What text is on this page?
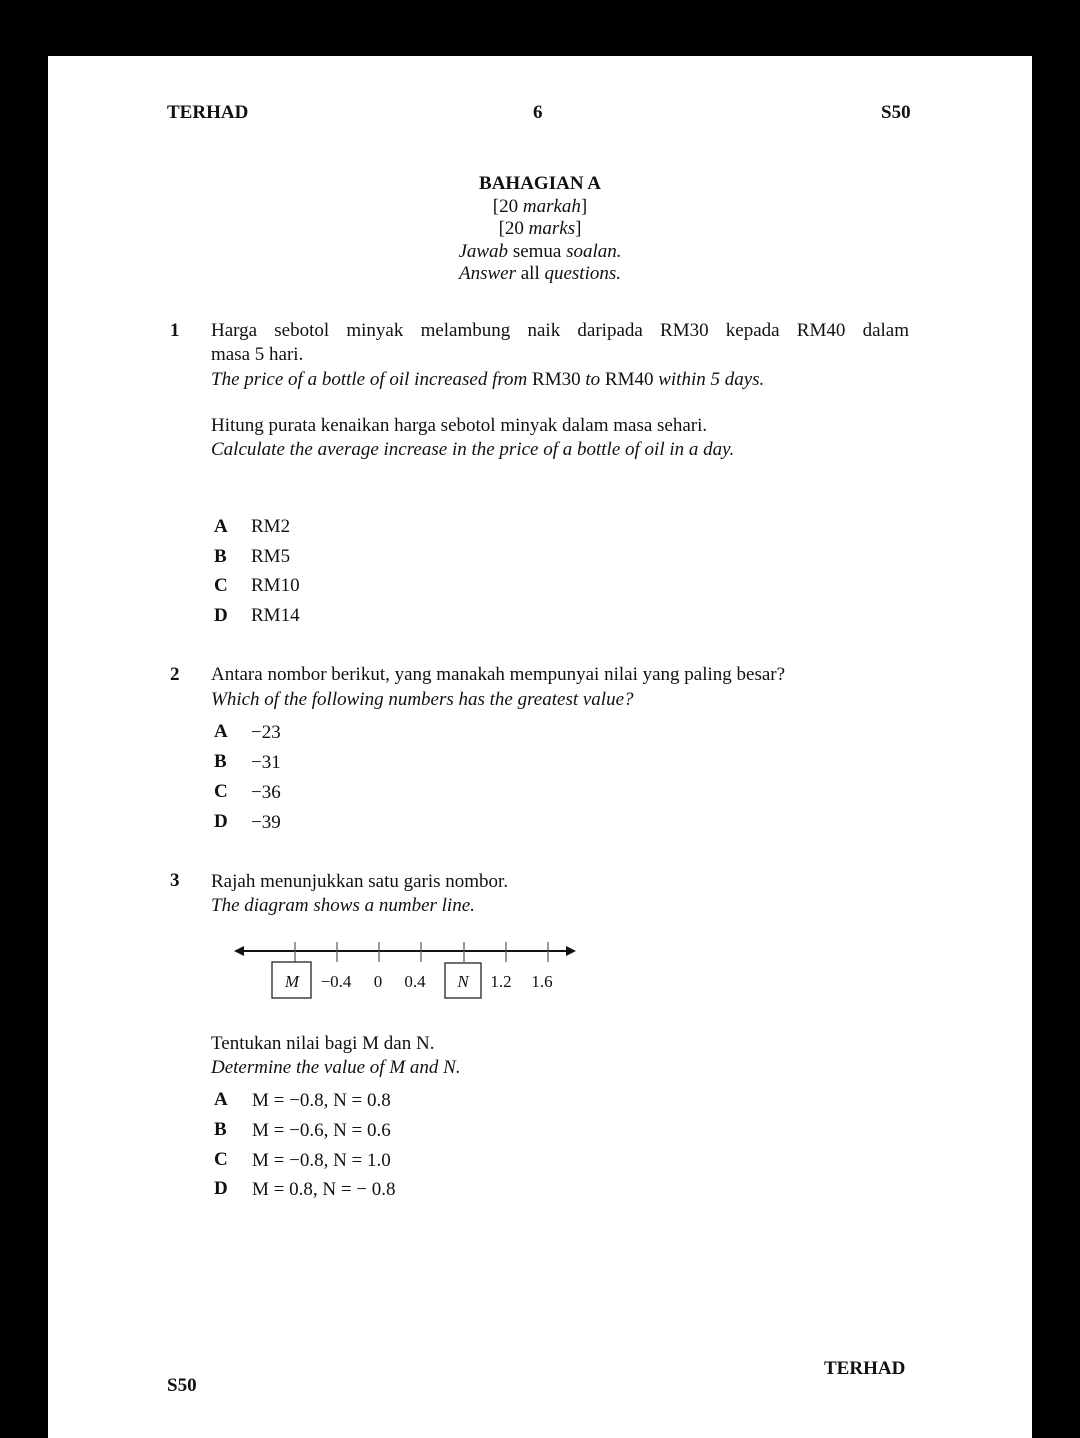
TERHAD	6	S50
BAHAGIAN A
[20 markah]
[20 marks]
Jawab semua soalan.
Answer all questions.
1 Harga sebotol minyak melambung naik daripada RM30 kepada RM40 dalam
masa 5 hari.
The price of a bottle of oil increased from RM30 to RM40 within 5 days.
Hitung purata kenaikan harga sebotol minyak dalam masa sehari.
Calculate the average increase in the price of a bottle of oil in a day.
A RM2
B RM5
C RM10
D RM14
2 Antara nombor berikut, yang manakah mempunyai nilai yang paling besar?
Which of the following numbers has the greatest value?
A −23
B −31
C −36
D −39
3 Rajah menunjukkan satu garis nombor.
The diagram shows a number line.
M −0.4 0 0.4 N 1.2 1.6
Tentukan nilai bagi M dan N.
Determine the value of M and N.
A M = −0.8, N = 0.8
B M = −0.6, N = 0.6
C M = −0.8, N = 1.0
D M = 0.8, N = − 0.8
S50
TERHAD
